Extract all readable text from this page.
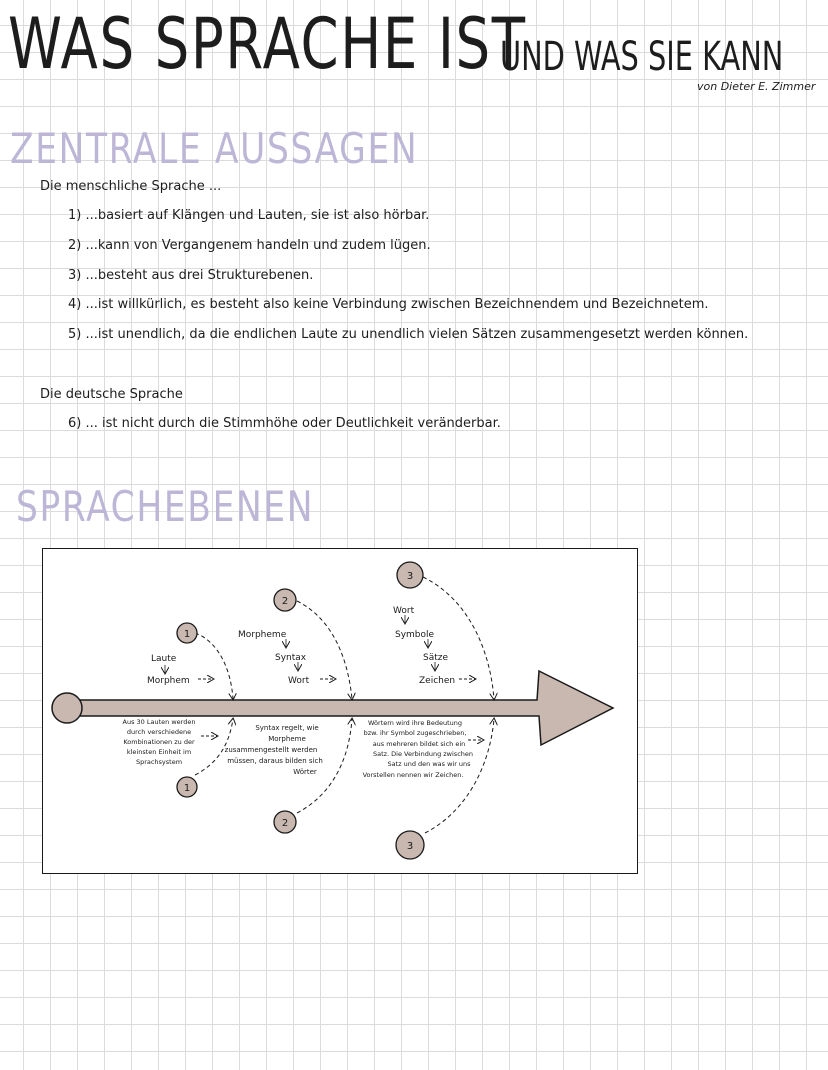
WAS SPRACHE IST
UND WAS SIE KANN
von Dieter E. Zimmer
ZENTRALE AUSSAGEN
Die menschliche Sprache ...
1) ...basiert auf Klängen und Lauten, sie ist also hörbar.
2) ...kann von Vergangenem handeln und zudem lügen.
3) ...besteht aus drei Strukturebenen.
4) ...ist willkürlich, es besteht also keine Verbindung zwischen Bezeichnendem und Bezeichnetem.
5) ...ist unendlich, da die endlichen Laute zu unendlich vielen Sätzen zusammengesetzt werden können.
Die deutsche Sprache
6) ... ist nicht durch die Stimmhöhe oder Deutlichkeit veränderbar.
SPRACHEBENEN
1
1
2
2
3
3
Laute
Morphem
Morpheme
Syntax
Wort
Wort
Symbole
Sätze
Zeichen
Aus 30 Lauten werden
durch verschiedene
Kombinationen zu der
kleinsten Einheit im
Sprachsystem
Syntax regelt, wie
Morpheme
zusammengestellt werden
müssen, daraus bilden sich
Wörter
Wörtern wird ihre Bedeutung
bzw. ihr Symbol zugeschrieben,
aus mehreren bildet sich ein
Satz. Die Verbindung zwischen
Satz und den was wir uns
Vorstellen nennen wir Zeichen.
